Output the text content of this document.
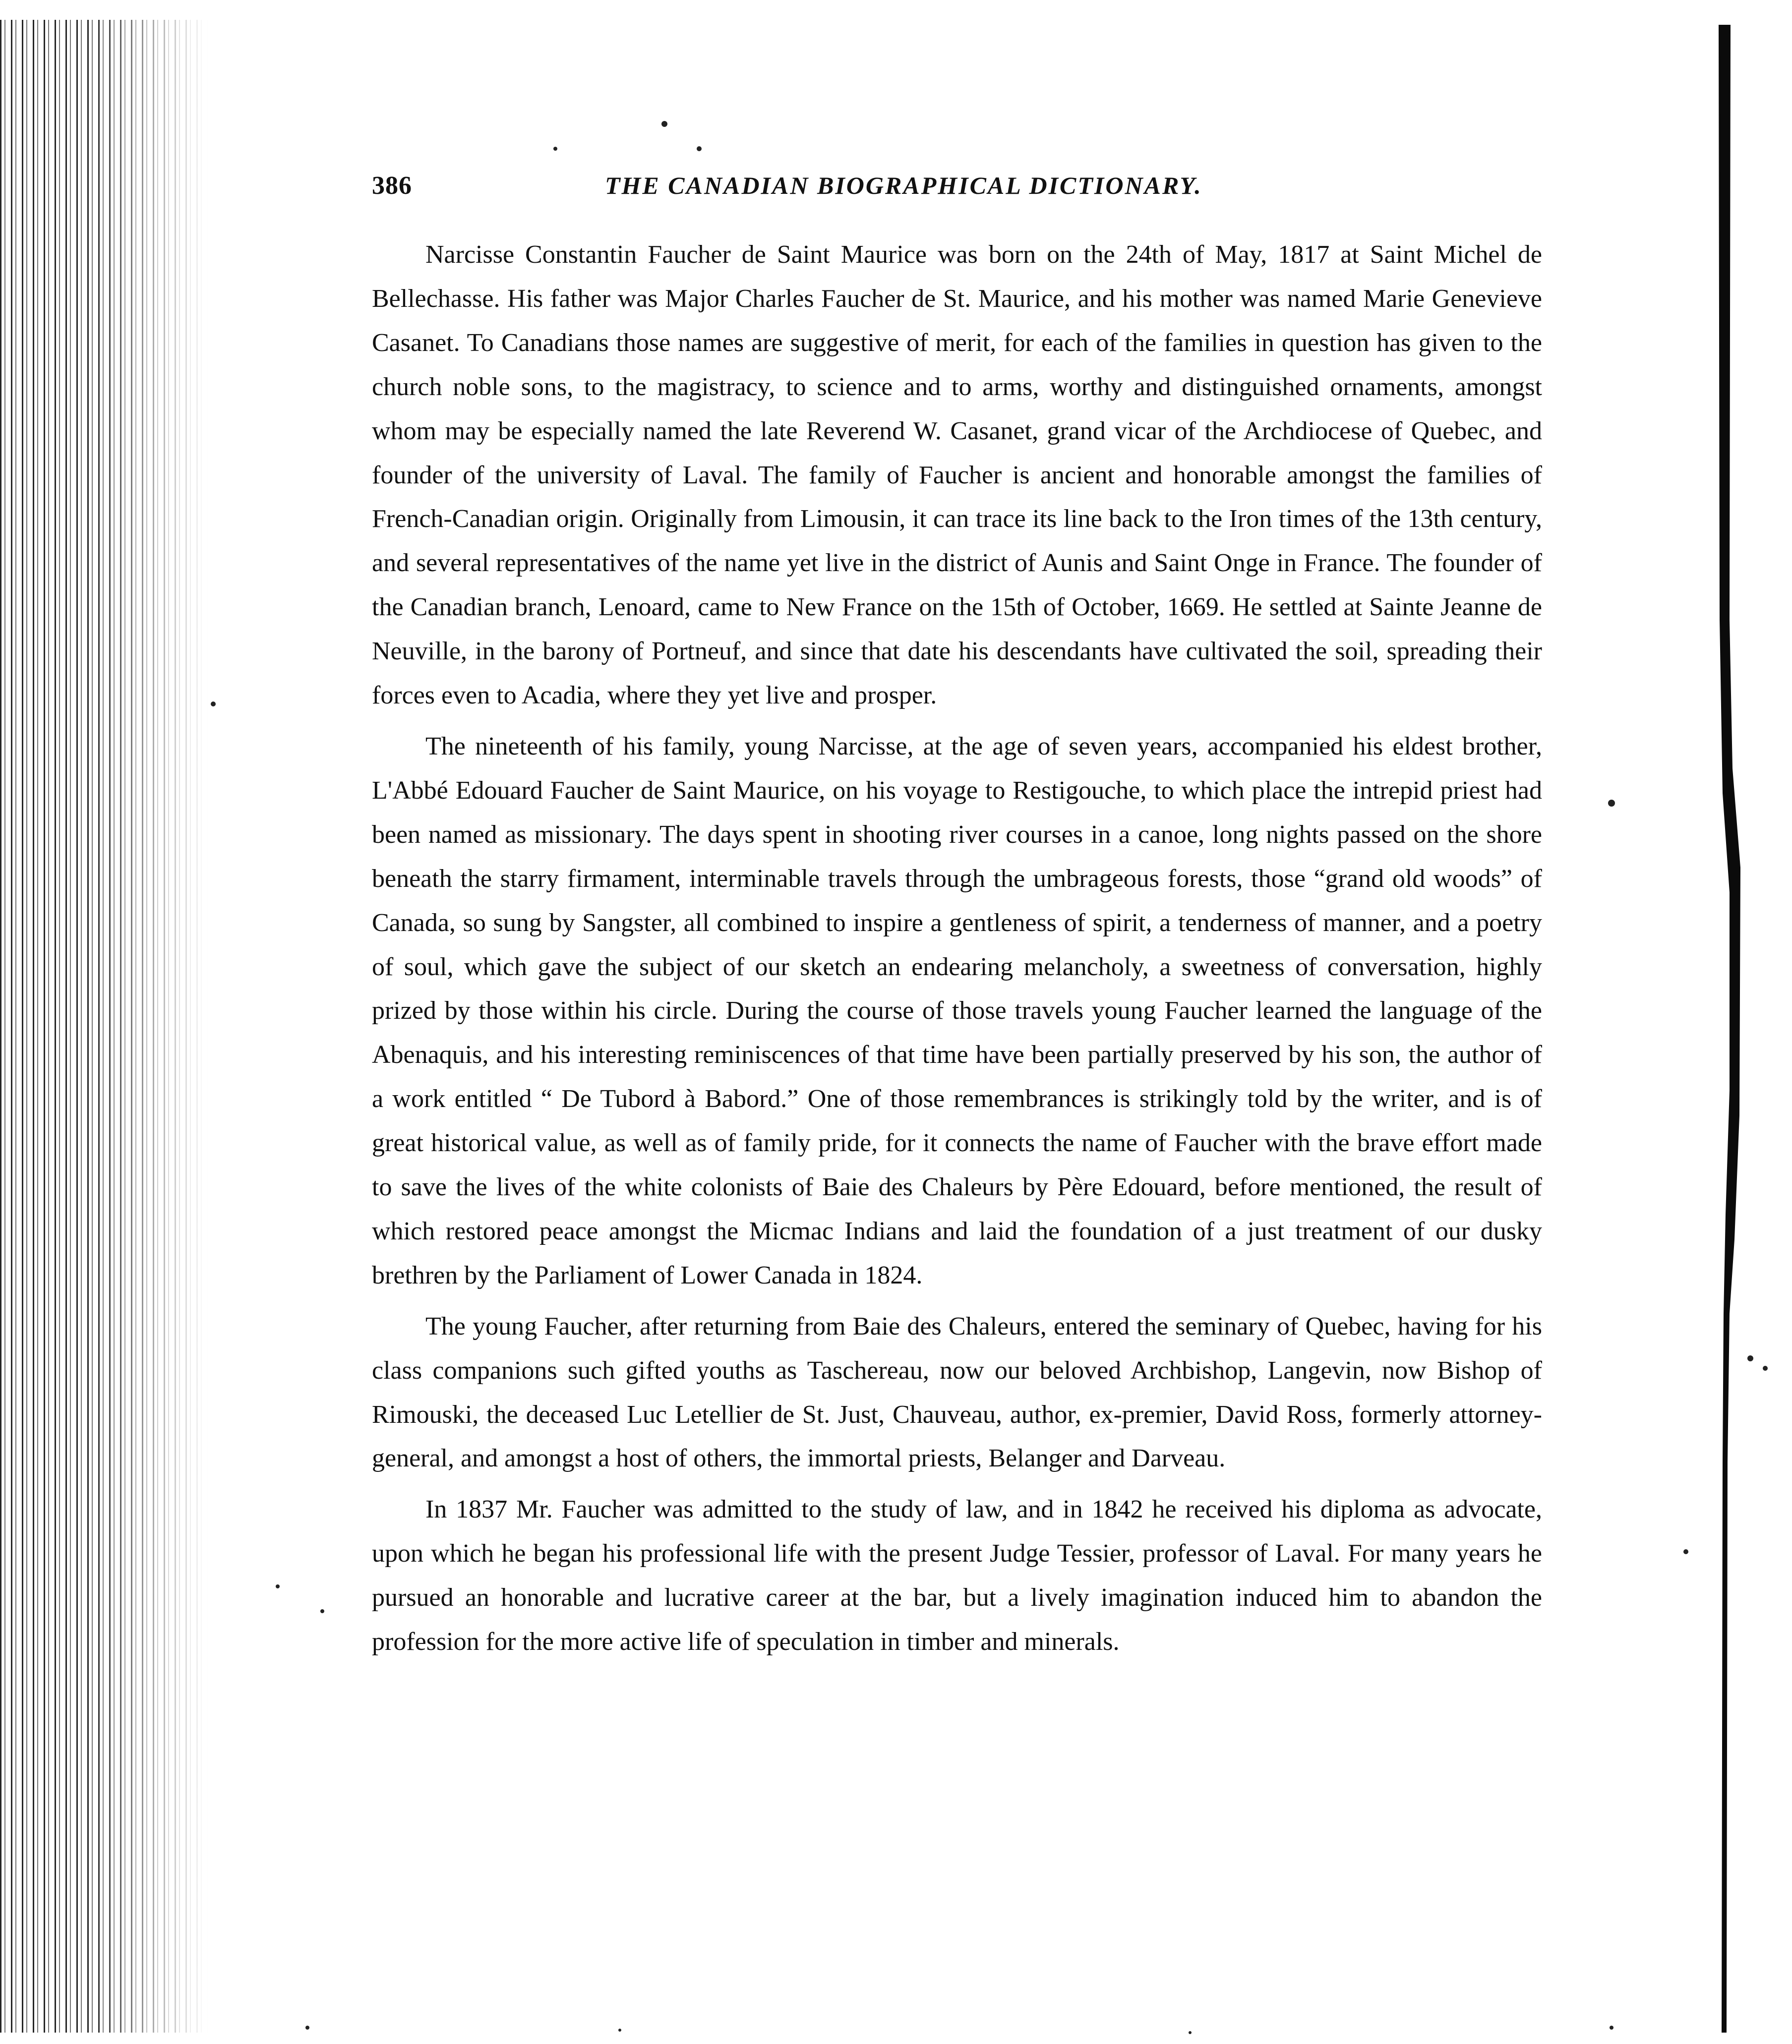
386	THE CANADIAN BIOGRAPHICAL DICTIONARY.

Narcisse Constantin Faucher de Saint Maurice was born on the 24th of May, 1817 at Saint Michel de Bellechasse. His father was Major Charles Faucher de St. Maurice, and his mother was named Marie Genevieve Casanet. To Canadians those names are suggestive of merit, for each of the families in question has given to the church noble sons, to the magistracy, to science and to arms, worthy and distinguished ornaments, amongst whom may be especially named the late Reverend W. Casanet, grand vicar of the Archdiocese of Quebec, and founder of the university of Laval. The family of Faucher is ancient and honorable amongst the families of French-Canadian origin. Originally from Limousin, it can trace its line back to the Iron times of the 13th century, and several representatives of the name yet live in the district of Aunis and Saint Onge in France. The founder of the Canadian branch, Lenoard, came to New France on the 15th of October, 1669. He settled at Sainte Jeanne de Neuville, in the barony of Portneuf, and since that date his descendants have cultivated the soil, spreading their forces even to Acadia, where they yet live and prosper.

The nineteenth of his family, young Narcisse, at the age of seven years, accompanied his eldest brother, L'Abbé Edouard Faucher de Saint Maurice, on his voyage to Restigouche, to which place the intrepid priest had been named as missionary. The days spent in shooting river courses in a canoe, long nights passed on the shore beneath the starry firmament, interminable travels through the umbrageous forests, those “grand old woods” of Canada, so sung by Sangster, all combined to inspire a gentleness of spirit, a tenderness of manner, and a poetry of soul, which gave the subject of our sketch an endearing melancholy, a sweetness of conversation, highly prized by those within his circle. During the course of those travels young Faucher learned the language of the Abenaquis, and his interesting reminiscences of that time have been partially preserved by his son, the author of a work entitled “ De Tubord à Babord.” One of those remembrances is strikingly told by the writer, and is of great historical value, as well as of family pride, for it connects the name of Faucher with the brave effort made to save the lives of the white colonists of Baie des Chaleurs by Père Edouard, before mentioned, the result of which restored peace amongst the Micmac Indians and laid the foundation of a just treatment of our dusky brethren by the Parliament of Lower Canada in 1824.

The young Faucher, after returning from Baie des Chaleurs, entered the seminary of Quebec, having for his class companions such gifted youths as Taschereau, now our beloved Archbishop, Langevin, now Bishop of Rimouski, the deceased Luc Letellier de St. Just, Chauveau, author, ex-premier, David Ross, formerly attorney-general, and amongst a host of others, the immortal priests, Belanger and Darveau.

In 1837 Mr. Faucher was admitted to the study of law, and in 1842 he received his diploma as advocate, upon which he began his professional life with the present Judge Tessier, professor of Laval. For many years he pursued an honorable and lucrative career at the bar, but a lively imagination induced him to abandon the profession for the more active life of speculation in timber and minerals.
